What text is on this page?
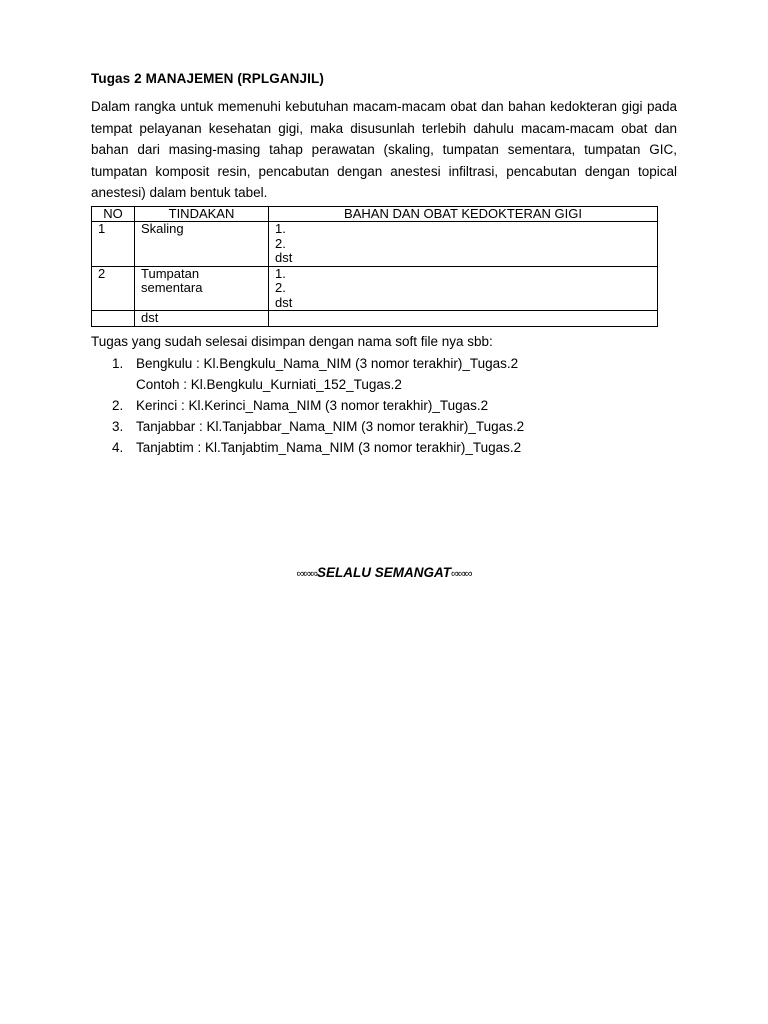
Tugas 2 MANAJEMEN (RPLGANJIL)
Dalam rangka untuk memenuhi kebutuhan macam-macam obat dan bahan kedokteran gigi pada tempat pelayanan kesehatan gigi, maka disusunlah terlebih dahulu macam-macam obat dan bahan dari masing-masing tahap perawatan (skaling, tumpatan sementara, tumpatan GIC, tumpatan komposit resin, pencabutan dengan anestesi infiltrasi, pencabutan dengan topical anestesi) dalam bentuk tabel.
NO	TINDAKAN	BAHAN DAN OBAT KEDOKTERAN GIGI
1	Skaling	1.
2.
dst

2	Tumpatan
sementara	1.
2.
dst

	dst	

Tugas yang sudah selesai disimpan dengan nama soft file nya sbb:
1. Bengkulu : Kl.Bengkulu_Nama_NIM (3 nomor terakhir)_Tugas.2
Contoh : Kl.Bengkulu_Kurniati_152_Tugas.2
2. Kerinci : Kl.Kerinci_Nama_NIM (3 nomor terakhir)_Tugas.2
3. Tanjabbar : Kl.Tanjabbar_Nama_NIM (3 nomor terakhir)_Tugas.2
4. Tanjabtim : Kl.Tanjabtim_Nama_NIM (3 nomor terakhir)_Tugas.2
∞∞∞SELALU SEMANGAT∞∞∞
